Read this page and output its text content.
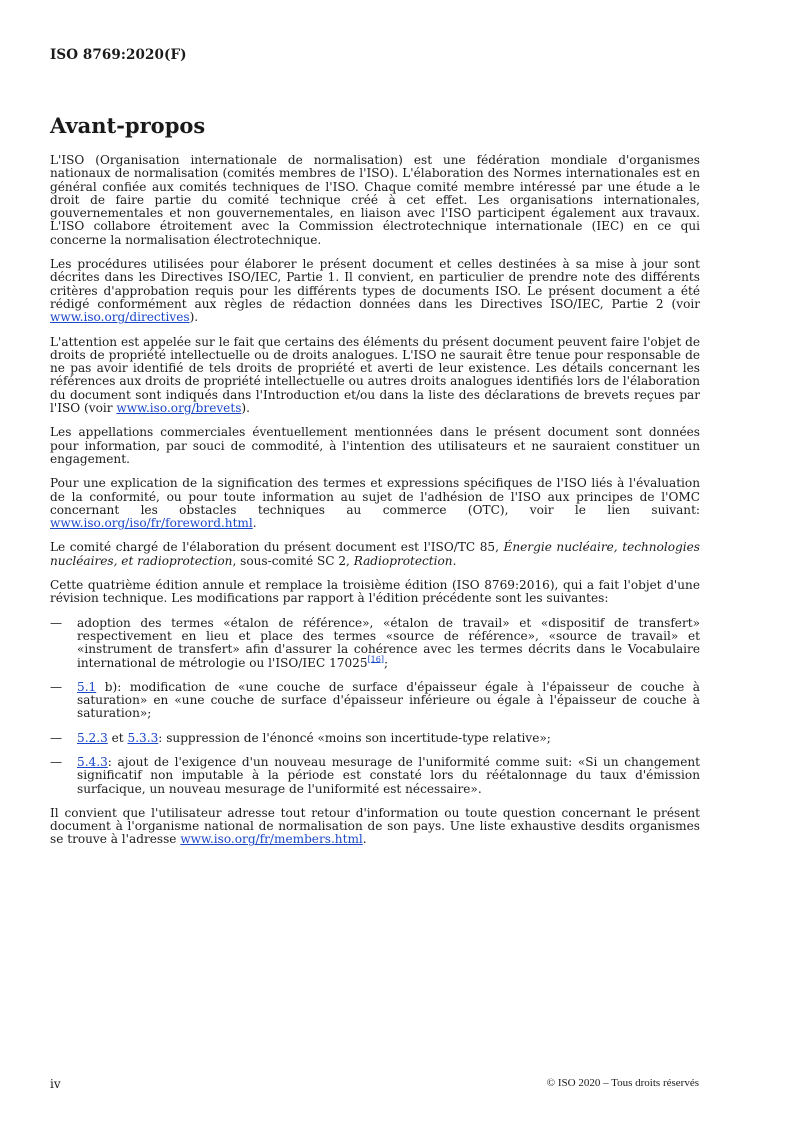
ISO 8769:2020(F)
Avant-propos

L'ISO (Organisation internationale de normalisation) est une fédération mondiale d'organismes nationaux de normalisation (comités membres de l'ISO). L'élaboration des Normes internationales est en général confiée aux comités techniques de l'ISO. Chaque comité membre intéressé par une étude a le droit de faire partie du comité technique créé à cet effet. Les organisations internationales, gouvernementales et non gouvernementales, en liaison avec l'ISO participent également aux travaux. L'ISO collabore étroitement avec la Commission électrotechnique internationale (IEC) en ce qui concerne la normalisation électrotechnique.

Les procédures utilisées pour élaborer le présent document et celles destinées à sa mise à jour sont décrites dans les Directives ISO/IEC, Partie 1. Il convient, en particulier de prendre note des différents critères d'approbation requis pour les différents types de documents ISO. Le présent document a été rédigé conformément aux règles de rédaction données dans les Directives ISO/IEC, Partie 2 (voir www.iso.org/directives).

L'attention est appelée sur le fait que certains des éléments du présent document peuvent faire l'objet de droits de propriété intellectuelle ou de droits analogues. L'ISO ne saurait être tenue pour responsable de ne pas avoir identifié de tels droits de propriété et averti de leur existence. Les détails concernant les références aux droits de propriété intellectuelle ou autres droits analogues identifiés lors de l'élaboration du document sont indiqués dans l'Introduction et/ou dans la liste des déclarations de brevets reçues par l'ISO (voir www.iso.org/brevets).

Les appellations commerciales éventuellement mentionnées dans le présent document sont données pour information, par souci de commodité, à l'intention des utilisateurs et ne sauraient constituer un engagement.

Pour une explication de la signification des termes et expressions spécifiques de l'ISO liés à l'évaluation de la conformité, ou pour toute information au sujet de l'adhésion de l'ISO aux principes de l'OMC concernant les obstacles techniques au commerce (OTC), voir le lien suivant: www.iso.org/iso/fr/foreword.html.

Le comité chargé de l'élaboration du présent document est l'ISO/TC 85, Énergie nucléaire, technologies nucléaires, et radioprotection, sous-comité SC 2, Radioprotection.

Cette quatrième édition annule et remplace la troisième édition (ISO 8769:2016), qui a fait l'objet d'une révision technique. Les modifications par rapport à l'édition précédente sont les suivantes:

—	adoption des termes «étalon de référence», «étalon de travail» et «dispositif de transfert» respectivement en lieu et place des termes «source de référence», «source de travail» et «instrument de transfert» afin d'assurer la cohérence avec les termes décrits dans le Vocabulaire international de métrologie ou l'ISO/IEC 17025[16];
—	5.1 b): modification de «une couche de surface d'épaisseur égale à l'épaisseur de couche à saturation» en «une couche de surface d'épaisseur inférieure ou égale à l'épaisseur de couche à saturation»;
—	5.2.3 et 5.3.3: suppression de l'énoncé «moins son incertitude-type relative»;
—	5.4.3: ajout de l'exigence d'un nouveau mesurage de l'uniformité comme suit: «Si un changement significatif non imputable à la période est constaté lors du réétalonnage du taux d'émission surfacique, un nouveau mesurage de l'uniformité est nécessaire».

Il convient que l'utilisateur adresse tout retour d'information ou toute question concernant le présent document à l'organisme national de normalisation de son pays. Une liste exhaustive desdits organismes se trouve à l'adresse www.iso.org/fr/members.html.

iv	© ISO 2020 – Tous droits réservés
